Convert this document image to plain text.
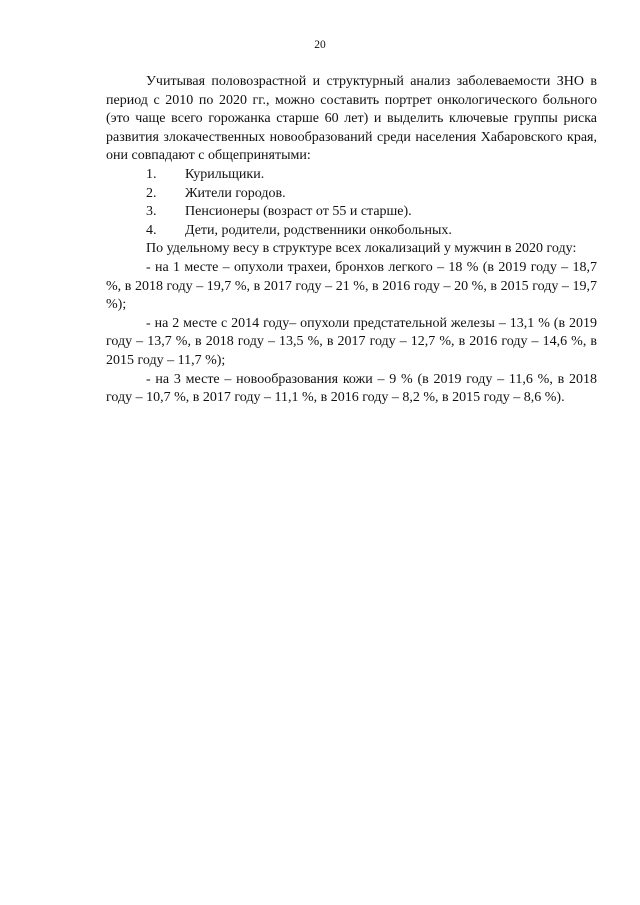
20

Учитывая половозрастной и структурный анализ заболеваемости ЗНО в период с 2010 по 2020 гг., можно составить портрет онкологического больного (это чаще всего горожанка старше 60 лет) и выделить ключевые группы риска развития злокачественных новообразований среди населения Хабаровского края, они совпадают с общепринятыми:

1. Курильщики.
2. Жители городов.
3. Пенсионеры (возраст от 55 и старше).
4. Дети, родители, родственники онкобольных.

По удельному весу в структуре всех локализаций у мужчин в 2020 году:

- на 1 месте – опухоли трахеи, бронхов легкого – 18 % (в 2019 году – 18,7 %, в 2018 году – 19,7 %, в 2017 году – 21 %, в 2016 году – 20 %, в 2015 году – 19,7 %);

- на 2 месте с 2014 году– опухоли предстательной железы – 13,1 % (в 2019 году – 13,7 %, в 2018 году – 13,5 %, в 2017 году – 12,7 %, в 2016 году – 14,6 %, в 2015 году – 11,7 %);

- на 3 месте – новообразования кожи – 9 % (в 2019 году – 11,6 %, в 2018 году – 10,7 %, в 2017 году – 11,1 %, в 2016 году – 8,2 %, в 2015 году – 8,6 %).
